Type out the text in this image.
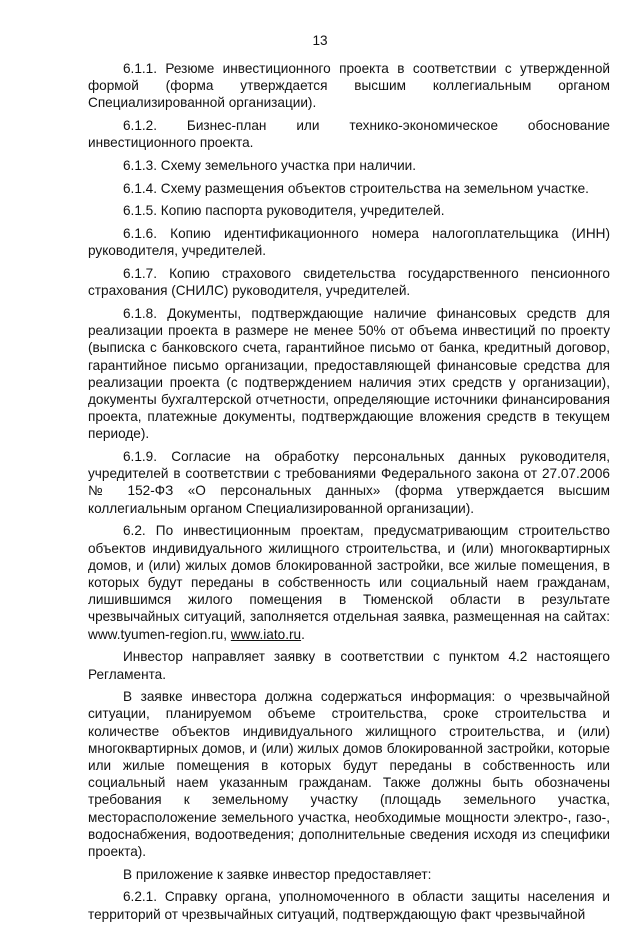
13

6.1.1. Резюме инвестиционного проекта в соответствии с утвержденной формой (форма утверждается высшим коллегиальным органом Специализированной организации).

6.1.2. Бизнес-план или технико-экономическое обоснование инвестиционного проекта.

6.1.3. Схему земельного участка при наличии.

6.1.4. Схему размещения объектов строительства на земельном участке.

6.1.5. Копию паспорта руководителя, учредителей.

6.1.6. Копию идентификационного номера налогоплательщика (ИНН) руководителя, учредителей.

6.1.7. Копию страхового свидетельства государственного пенсионного страхования (СНИЛС) руководителя, учредителей.

6.1.8. Документы, подтверждающие наличие финансовых средств для реализации проекта в размере не менее 50% от объема инвестиций по проекту (выписка с банковского счета, гарантийное письмо от банка, кредитный договор, гарантийное письмо организации, предоставляющей финансовые средства для реализации проекта (с подтверждением наличия этих средств у организации), документы бухгалтерской отчетности, определяющие источники финансирования проекта, платежные документы, подтверждающие вложения средств в текущем периоде).

6.1.9. Согласие на обработку персональных данных руководителя, учредителей в соответствии с требованиями Федерального закона от 27.07.2006 № 152-ФЗ «О персональных данных» (форма утверждается высшим коллегиальным органом Специализированной организации).

6.2. По инвестиционным проектам, предусматривающим строительство объектов индивидуального жилищного строительства, и (или) многоквартирных домов, и (или) жилых домов блокированной застройки, все жилые помещения, в которых будут переданы в собственность или социальный наем гражданам, лишившимся жилого помещения в Тюменской области в результате чрезвычайных ситуаций, заполняется отдельная заявка, размещенная на сайтах: www.tyumen-region.ru, www.iato.ru.

Инвестор направляет заявку в соответствии с пунктом 4.2 настоящего Регламента.

В заявке инвестора должна содержаться информация: о чрезвычайной ситуации, планируемом объеме строительства, сроке строительства и количестве объектов индивидуального жилищного строительства, и (или) многоквартирных домов, и (или) жилых домов блокированной застройки, которые или жилые помещения в которых будут переданы в собственность или социальный наем указанным гражданам. Также должны быть обозначены требования к земельному участку (площадь земельного участка, месторасположение земельного участка, необходимые мощности электро-, газо-, водоснабжения, водоотведения; дополнительные сведения исходя из специфики проекта).

В приложение к заявке инвестор предоставляет:

6.2.1. Справку органа, уполномоченного в области защиты населения и территорий от чрезвычайных ситуаций, подтверждающую факт чрезвычайной
